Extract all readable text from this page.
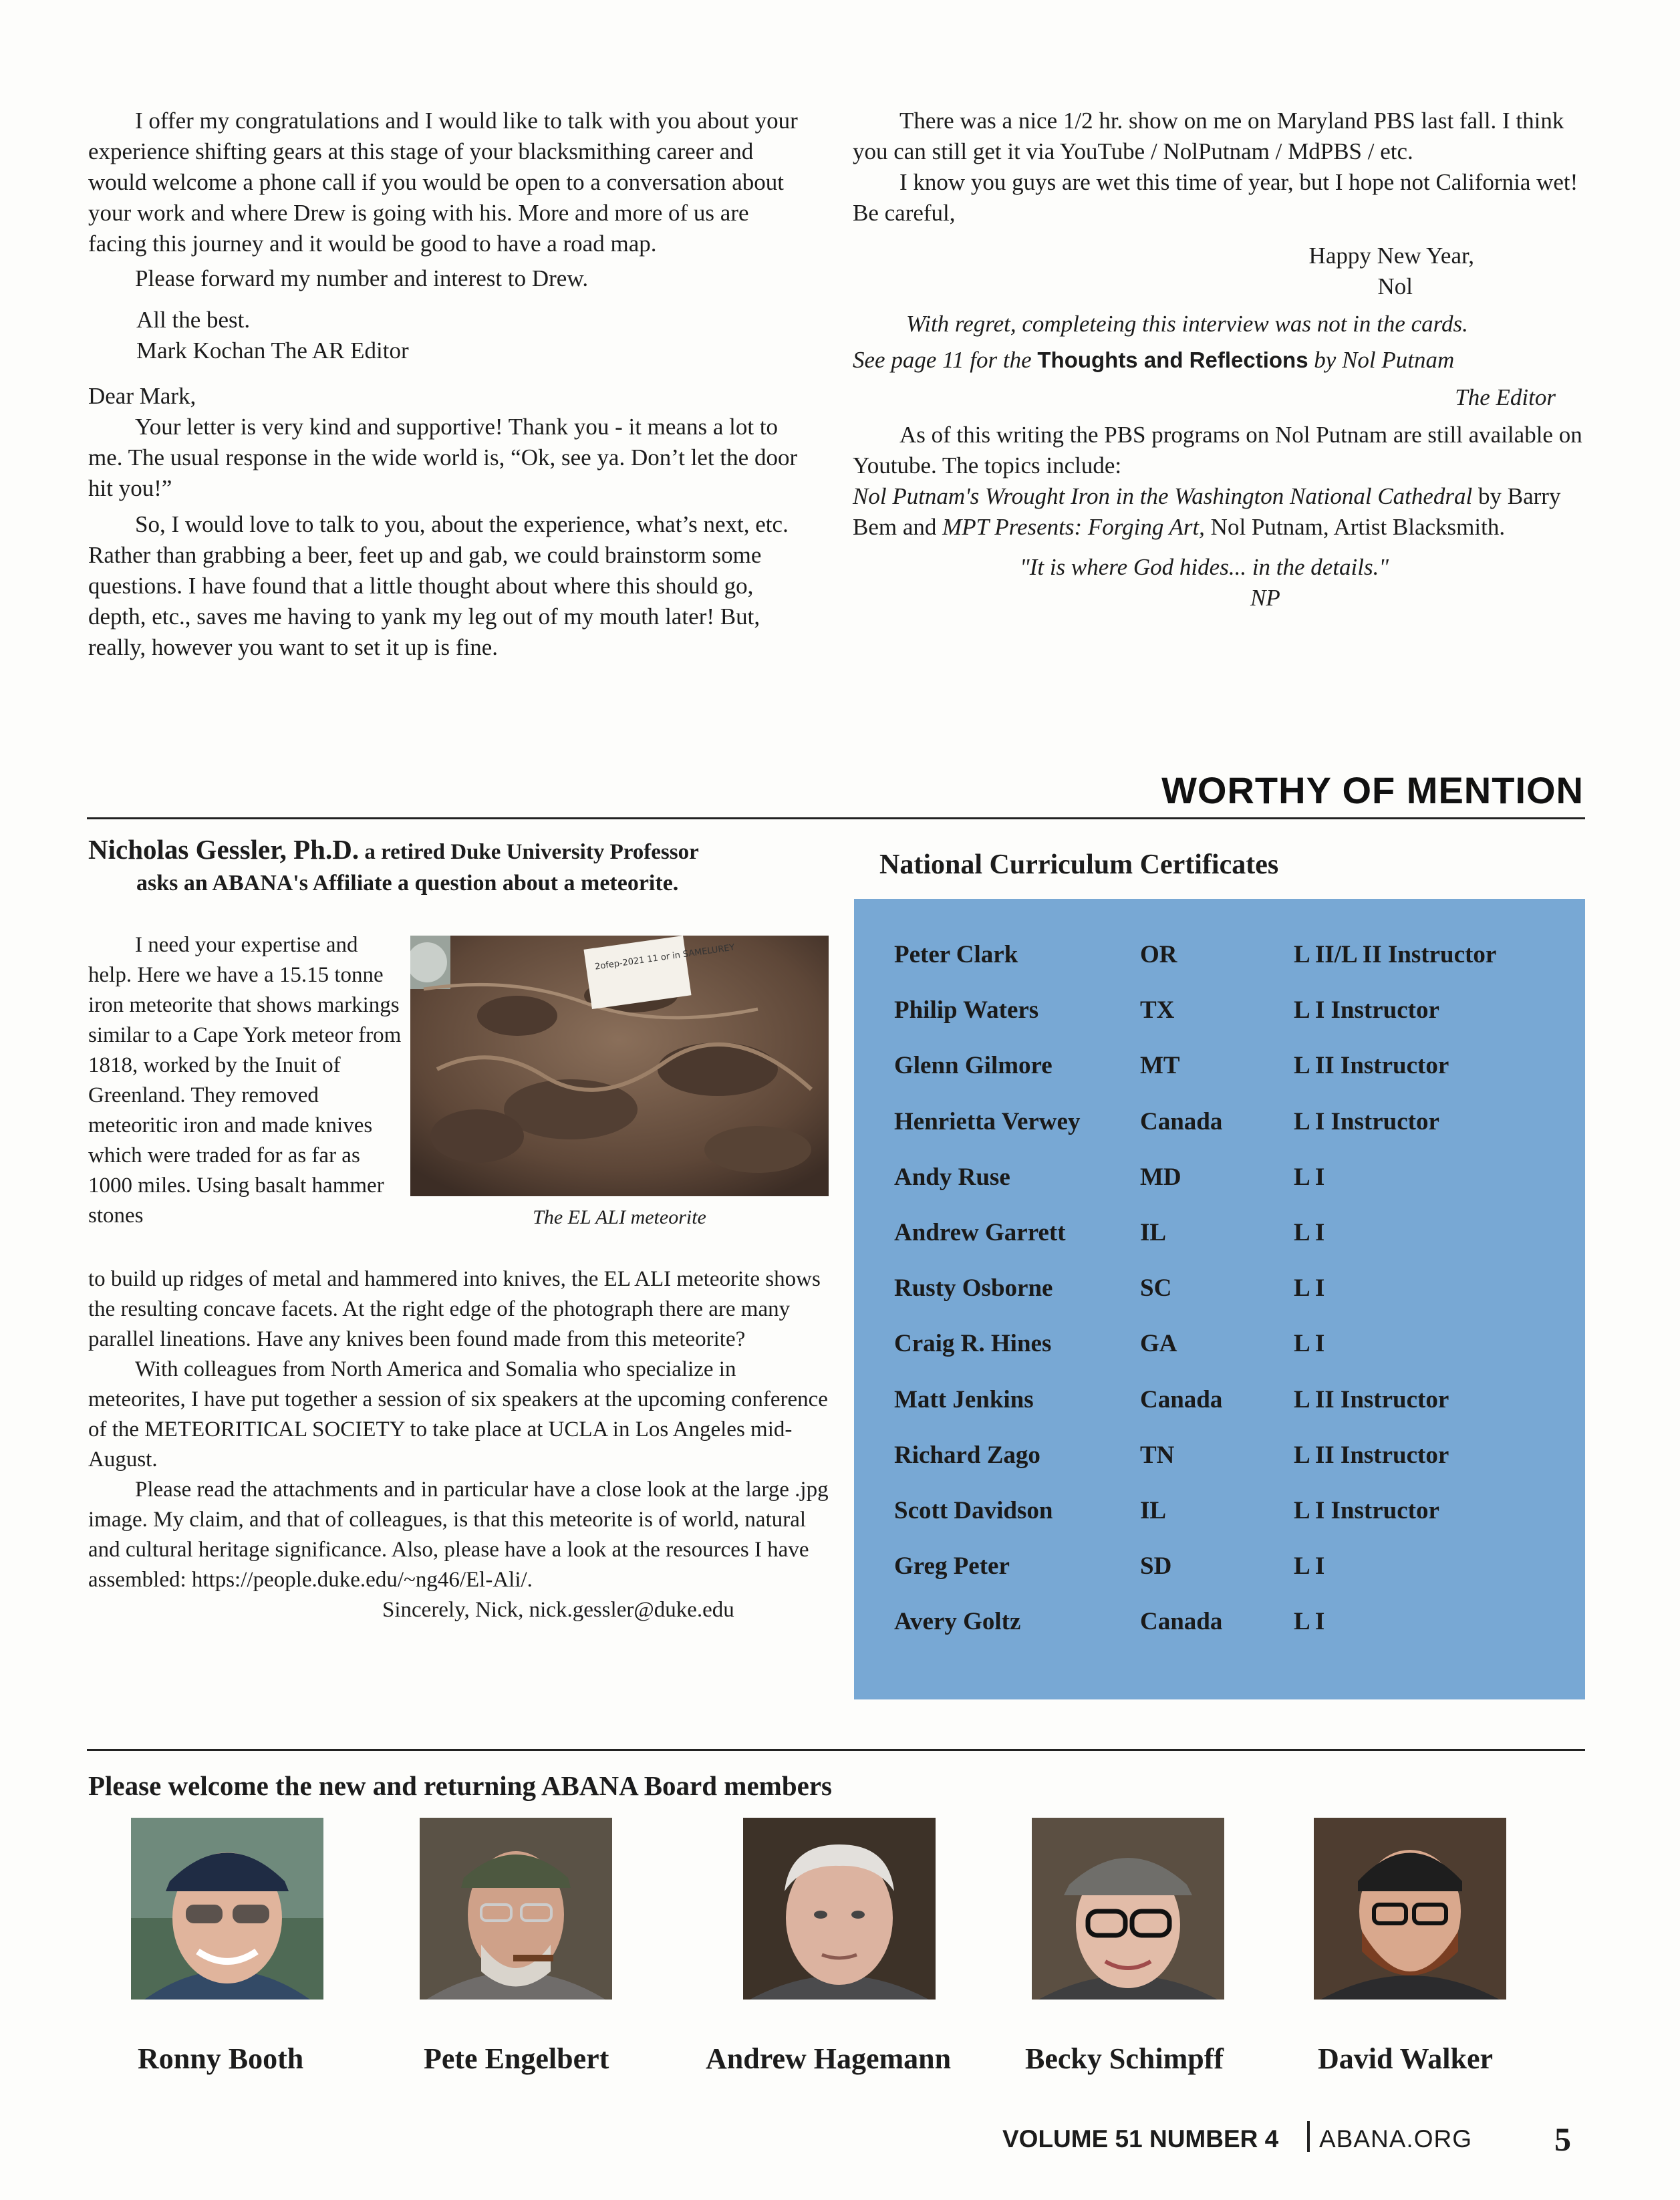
I offer my congratulations and I would like to talk with you about your experience shifting gears at this stage of your blacksmithing career and would welcome a phone call if you would be open to a conversation about your work and where Drew is going with his. More and more of us are facing this journey and it would be good to have a road map.

Please forward my number and interest to Drew.

All the best.

Mark Kochan The AR Editor

Dear Mark,

Your letter is very kind and supportive! Thank you - it means a lot to me. The usual response in the wide world is, “Ok, see ya. Don’t let the door hit you!”

So, I would love to talk to you, about the experience, what’s next, etc. Rather than grabbing a beer, feet up and gab, we could brainstorm some questions. I have found that a little thought about where this should go, depth, etc., saves me having to yank my leg out of my mouth later! But, really, however you want to set it up is fine.

There was a nice 1/2 hr. show on me on Maryland PBS last fall. I think you can still get it via YouTube / NolPutnam / MdPBS / etc.

I know you guys are wet this time of year, but I hope not California wet! Be careful,

Happy New Year,

Nol

With regret, completeing this interview was not in the cards.

See page 11 for the Thoughts and Reflections by Nol Putnam

The Editor

As of this writing the PBS programs on Nol Putnam are still available on Youtube. The topics include:

Nol Putnam's Wrought Iron in the Washington National Cathedral by Barry Bem and MPT Presents: Forging Art, Nol Putnam, Artist Blacksmith.

"It is where God hides... in the details."

NP

WORTHY OF MENTION
Nicholas Gessler, Ph.D. a retired Duke University Professor
asks an ABANA's Affiliate a question about a meteorite.
I need your expertise and help. Here we have a 15.15 tonne iron meteorite that shows markings similar to a Cape York meteor from 1818, worked by the Inuit of Greenland. They removed meteoritic iron and made knives which were traded for as far as 1000 miles. Using basalt hammer stones
2ofep-2021 11 or in SAMELUREY
The EL ALI meteorite

to build up ridges of metal and hammered into knives, the EL ALI meteorite shows the resulting concave facets. At the right edge of the photograph there are many parallel lineations. Have any knives been found made from this meteorite?

With colleagues from North America and Somalia who specialize in meteorites, I have put together a session of six speakers at the upcoming conference of the METEORITICAL SOCIETY to take place at UCLA in Los Angeles mid-August.

Please read the attachments and in particular have a close look at the large .jpg image. My claim, and that of colleagues, is that this meteorite is of world, natural and cultural heritage significance. Also, please have a look at the resources I have assembled: https://people.duke.edu/~ng46/El-Ali/.

Sincerely, Nick, nick.gessler@duke.edu

National Curriculum Certificates
Peter Clark	OR	L II/L II Instructor
Philip Waters	TX	L I Instructor
Glenn Gilmore	MT	L II Instructor
Henrietta Verwey Canada	L I Instructor
Andy Ruse	MD	L I
Andrew Garrett	IL	L I
Rusty Osborne	SC	L I
Craig R. Hines	GA	L I
Matt Jenkins	Canada	L II Instructor
Richard Zago	TN	L II Instructor
Scott Davidson	IL	L I Instructor
Greg Peter	SD	L I
Avery Goltz	Canada	L I
Please welcome the new and returning ABANA Board members
Ronny Booth	Pete Engelbert	Andrew Hagemann	Becky Schimpff	David Walker
VOLUME 51 NUMBER 4 ABANA.ORG 5
